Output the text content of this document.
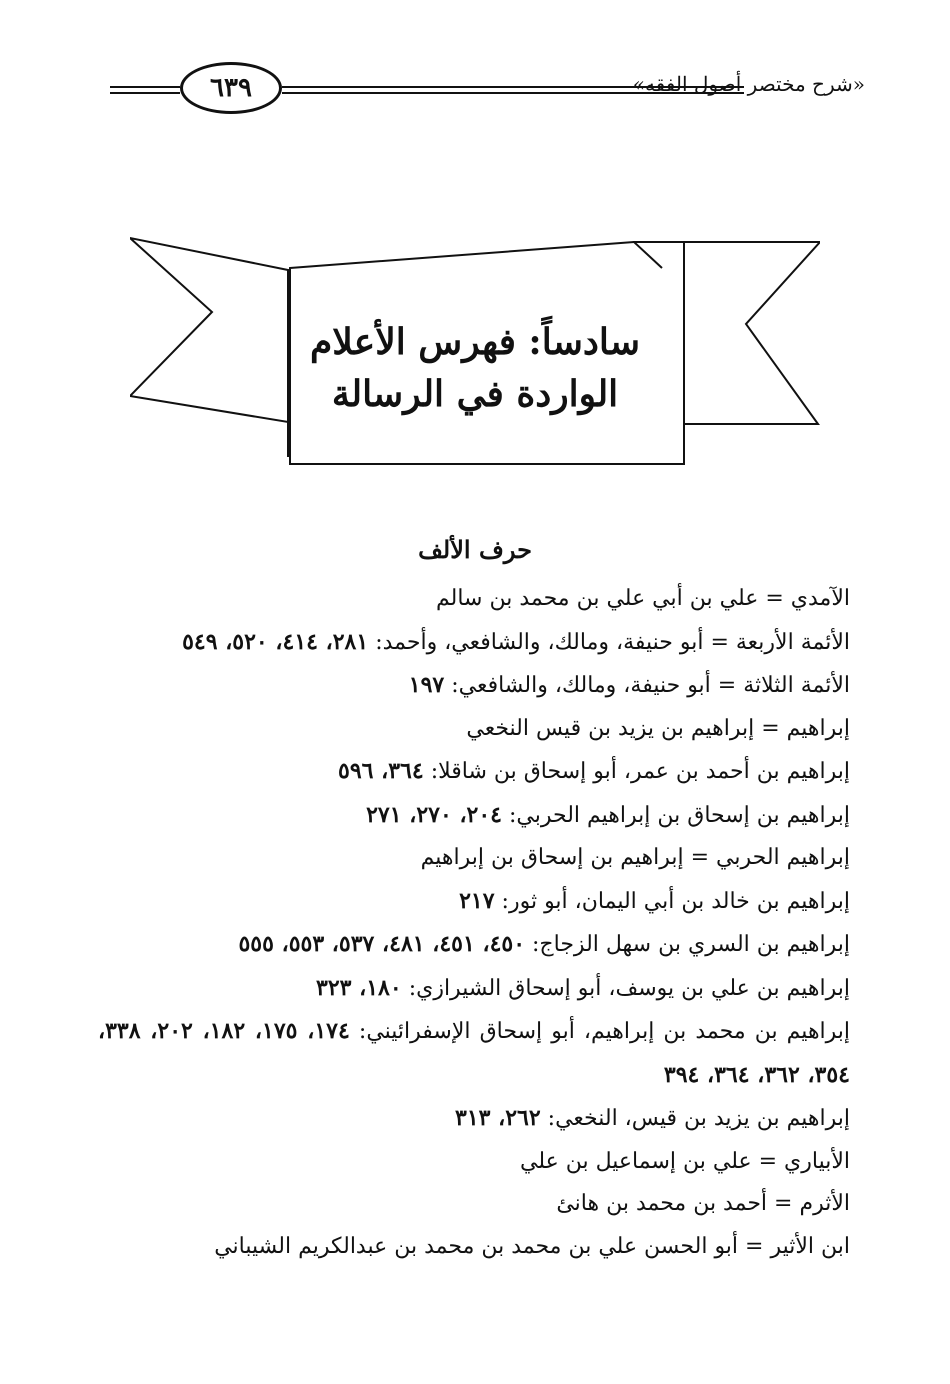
٦٣٩	«شرح مختصر أصول الفقه»
سادساً: فهرس الأعلام
الواردة في الرسالة
حرف الألف
الآمدي = علي بن أبي علي بن محمد بن سالم
الأئمة الأربعة = أبو حنيفة، ومالك، والشافعي، وأحمد: ٢٨١، ٤١٤، ٥٢٠، ٥٤٩
الأئمة الثلاثة = أبو حنيفة، ومالك، والشافعي: ١٩٧
إبراهيم = إبراهيم بن يزيد بن قيس النخعي
إبراهيم بن أحمد بن عمر، أبو إسحاق بن شاقلا: ٣٦٤، ٥٩٦
إبراهيم بن إسحاق بن إبراهيم الحربي: ٢٠٤، ٢٧٠، ٢٧١
إبراهيم الحربي = إبراهيم بن إسحاق بن إبراهيم
إبراهيم بن خالد بن أبي اليمان، أبو ثور: ٢١٧
إبراهيم بن السري بن سهل الزجاج: ٤٥٠، ٤٥١، ٤٨١، ٥٣٧، ٥٥٣، ٥٥٥
إبراهيم بن علي بن يوسف، أبو إسحاق الشيرازي: ١٨٠، ٣٢٣
إبراهيم بن محمد بن إبراهيم، أبو إسحاق الإسفرائيني: ١٧٤، ١٧٥، ١٨٢، ٢٠٢، ٣٣٨، ٣٥٤، ٣٦٢، ٣٦٤، ٣٩٤
إبراهيم بن يزيد بن قيس، النخعي: ٢٦٢، ٣١٣
الأبياري = علي بن إسماعيل بن علي
الأثرم = أحمد بن محمد بن هانئ
ابن الأثير = أبو الحسن علي بن محمد بن محمد بن عبدالكريم الشيباني
